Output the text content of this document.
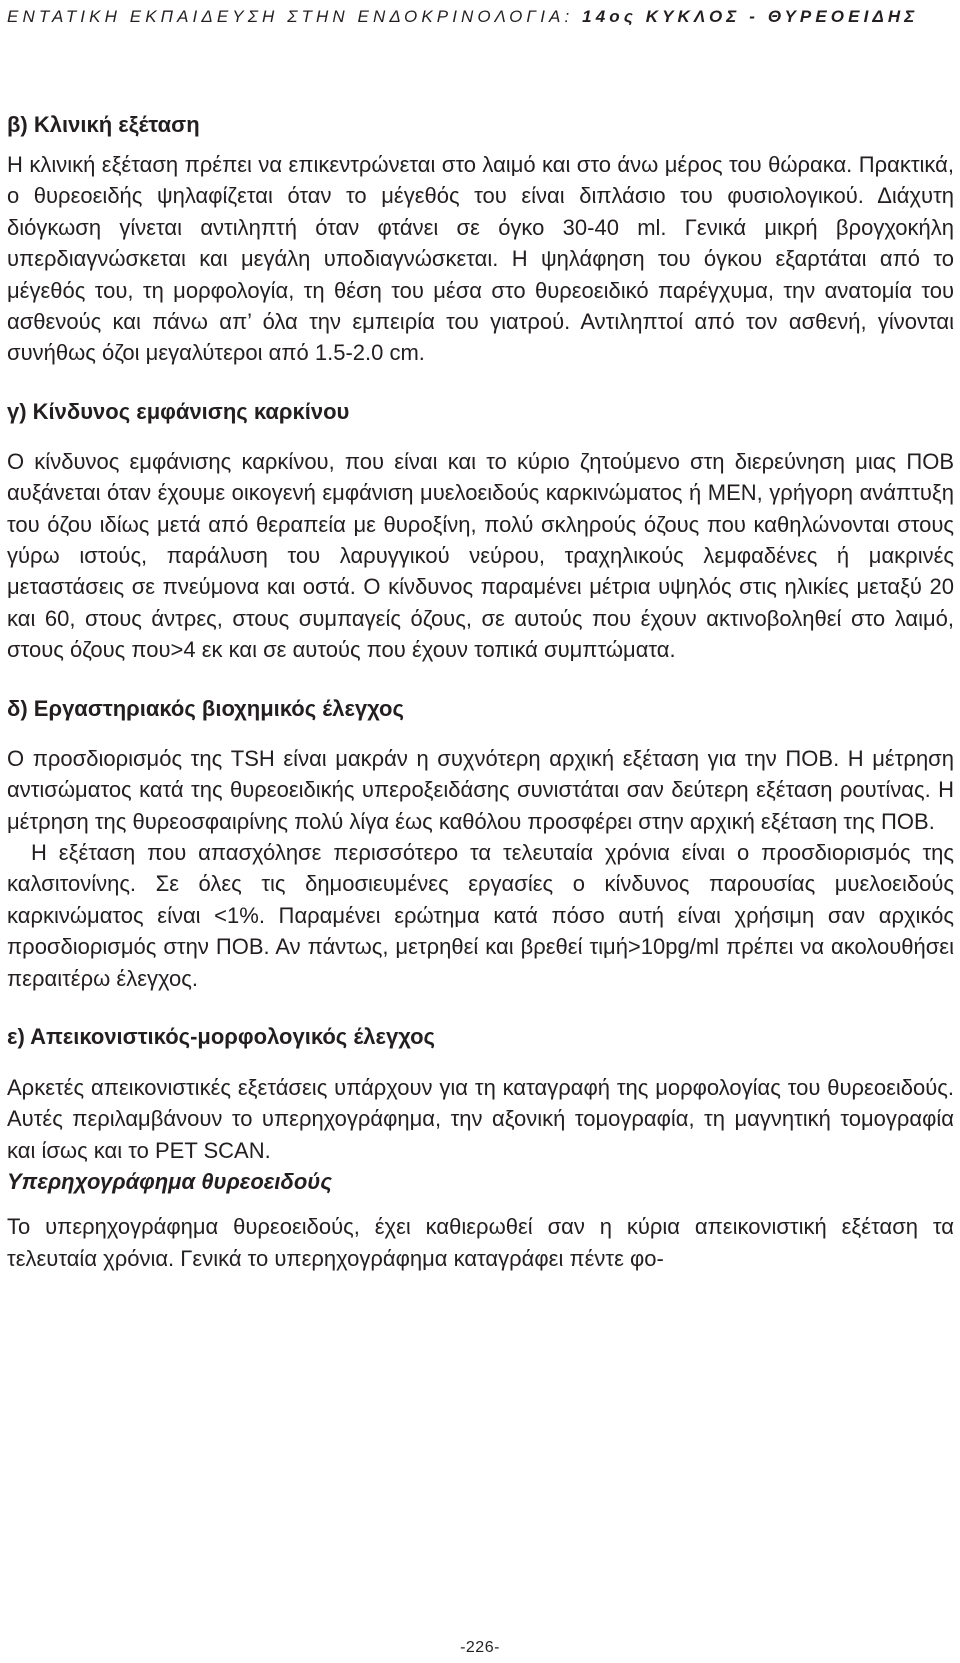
ΕΝΤΑΤΙΚΗ ΕΚΠΑΙΔΕΥΣΗ ΣΤΗΝ ΕΝΔΟΚΡΙΝΟΛΟΓΙΑ: 14ος ΚΥΚΛΟΣ - ΘΥΡΕΟΕΙΔΗΣ
β) Κλινική εξέταση

Η κλινική εξέταση πρέπει να επικεντρώνεται στο λαιμό και στο άνω μέρος του θώρακα. Πρακτικά, ο θυρεοειδής ψηλαφίζεται όταν το μέγεθός του είναι διπλάσιο του φυσιολογικού. Διάχυτη διόγκωση γίνεται αντιληπτή όταν φτάνει σε όγκο 30-40 ml. Γενικά μικρή βρογχοκήλη υπερδιαγνώσκεται και μεγάλη υποδιαγνώσκεται. Η ψηλάφηση του όγκου εξαρτάται από το μέγεθός του, τη μορφολογία, τη θέση του μέσα στο θυρεοειδικό παρέγχυμα, την ανατομία του ασθενούς και πάνω απ’ όλα την εμπειρία του γιατρού. Αντιληπτοί από τον ασθενή, γίνονται συνήθως όζοι μεγαλύτεροι από 1.5-2.0 cm.

γ) Κίνδυνος εμφάνισης καρκίνου

Ο κίνδυνος εμφάνισης καρκίνου, που είναι και το κύριο ζητούμενο στη διερεύνηση μιας ΠΟΒ αυξάνεται όταν έχουμε οικογενή εμφάνιση μυελοειδούς καρκινώματος ή ΜΕΝ, γρήγορη ανάπτυξη του όζου ιδίως μετά από θεραπεία με θυροξίνη, πολύ σκληρούς όζους που καθηλώνονται στους γύρω ιστούς, παράλυση του λαρυγγικού νεύρου, τραχηλικούς λεμφαδένες ή μακρινές μεταστάσεις σε πνεύμονα και οστά. Ο κίνδυνος παραμένει μέτρια υψηλός στις ηλικίες μεταξύ 20 και 60, στους άντρες, στους συμπαγείς όζους, σε αυτούς που έχουν ακτινοβοληθεί στο λαιμό, στους όζους που>4 εκ και σε αυτούς που έχουν τοπικά συμπτώματα.

δ) Εργαστηριακός βιοχημικός έλεγχος

Ο προσδιορισμός της TSH είναι μακράν η συχνότερη αρχική εξέταση για την ΠΟΒ. Η μέτρηση αντισώματος κατά της θυρεοειδικής υπεροξειδάσης συνιστάται σαν δεύτερη εξέταση ρουτίνας. Η μέτρηση της θυρεοσφαιρίνης πολύ λίγα έως καθόλου προσφέρει στην αρχική εξέταση της ΠΟΒ.

Η εξέταση που απασχόλησε περισσότερο τα τελευταία χρόνια είναι ο προσδιορισμός της καλσιτονίνης. Σε όλες τις δημοσιευμένες εργασίες ο κίνδυνος παρουσίας μυελοειδούς καρκινώματος είναι <1%. Παραμένει ερώτημα κατά πόσο αυτή είναι χρήσιμη σαν αρχικός προσδιορισμός στην ΠΟΒ. Αν πάντως, μετρηθεί και βρεθεί τιμή>10pg/ml πρέπει να ακολουθήσει περαιτέρω έλεγχος.

ε) Απεικονιστικός-μορφολογικός έλεγχος

Αρκετές απεικονιστικές εξετάσεις υπάρχουν για τη καταγραφή της μορφολογίας του θυρεοειδούς. Αυτές περιλαμβάνουν το υπερηχογράφημα, την αξονική τομογραφία, τη μαγνητική τομογραφία και ίσως και το PET SCAN.

Υπερηχογράφημα θυρεοειδούς

Το υπερηχογράφημα θυρεοειδούς, έχει καθιερωθεί σαν η κύρια απεικονιστική εξέταση τα τελευταία χρόνια. Γενικά το υπερηχογράφημα καταγράφει πέντε φο-

-226-
